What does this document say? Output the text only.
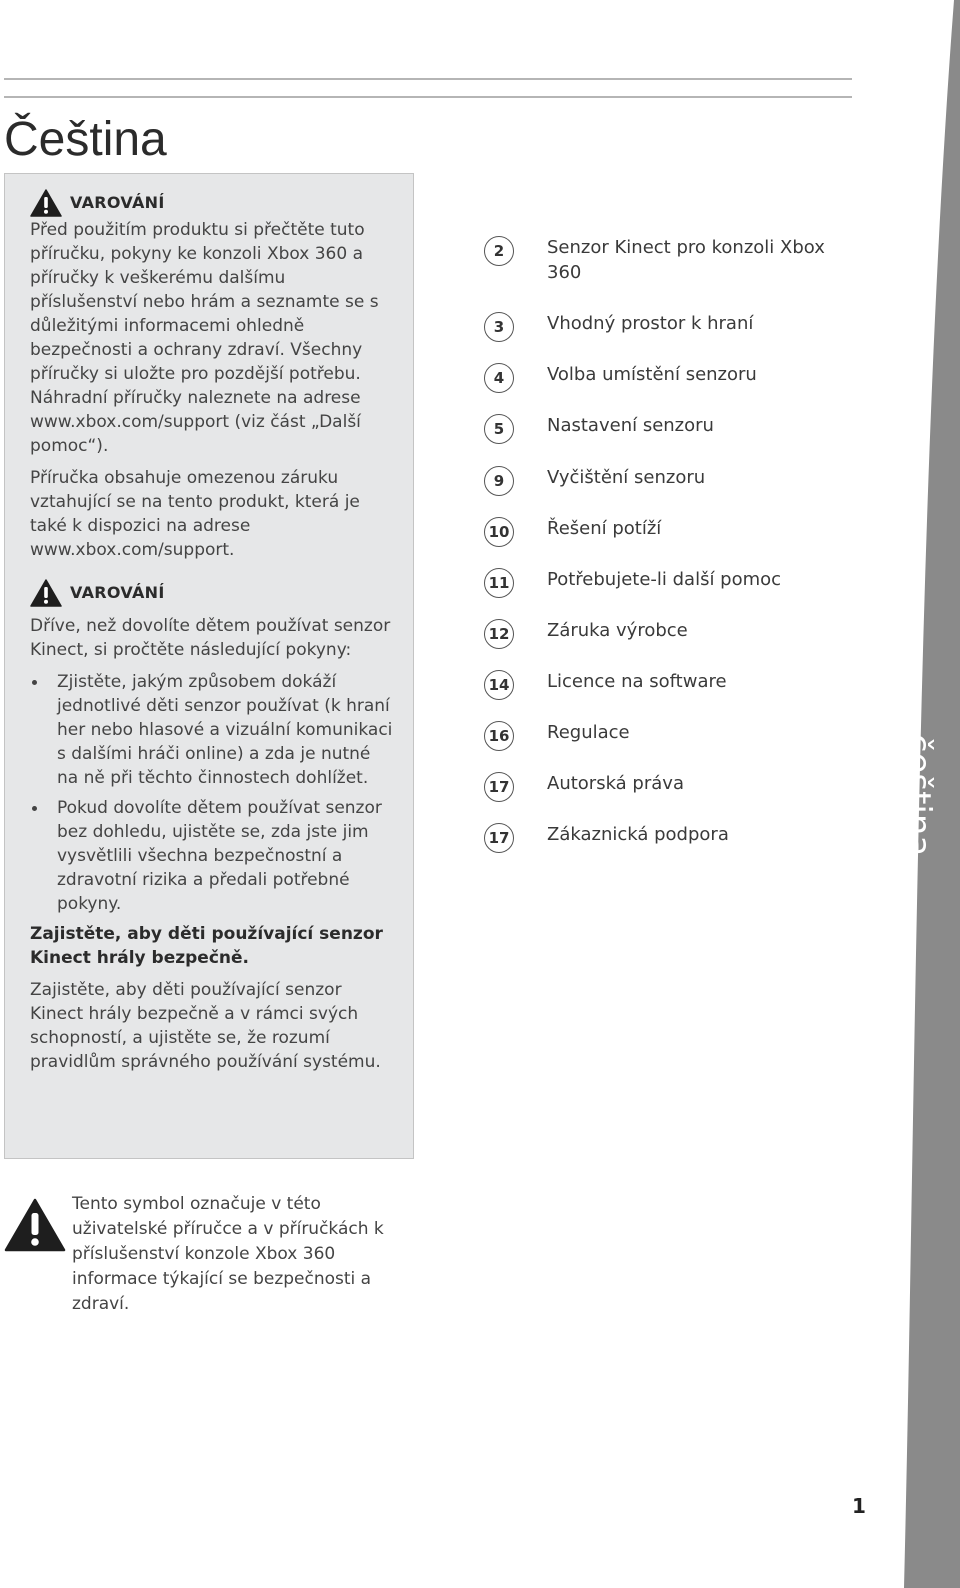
čeština
Čeština
VAROVÁNÍ

Před použitím produktu si přečtěte tuto příručku, pokyny ke konzoli Xbox 360 a příručky k veškerému dalšímu příslušenství nebo hrám a seznamte se s důležitými informacemi ohledně bezpečnosti a ochrany zdraví. Všechny příručky si uložte pro pozdější potřebu. Náhradní příručky naleznete na adrese www.xbox.com/support (viz část „Další pomoc“).

Příručka obsahuje omezenou záruku vztahující se na tento produkt, která je také k dispozici na adrese www.xbox.com/support.

VAROVÁNÍ

Dříve, než dovolíte dětem používat senzor Kinect, si pročtěte následující pokyny:

Zjistěte, jakým způsobem dokáží jednotlivé děti senzor používat (k hraní her nebo hlasové a vizuální komunikaci s dalšími hráči online) a zda je nutné na ně při těchto činnostech dohlížet.
Pokud dovolíte dětem používat senzor bez dohledu, ujistěte se, zda jste jim vysvětlili všechna bezpečnostní a zdravotní rizika a předali potřebné pokyny.

Zajistěte, aby děti používající senzor Kinect hrály bezpečně.

Zajistěte, aby děti používající senzor Kinect hrály bezpečně a v rámci svých schopností, a ujistěte se, že rozumí pravidlům správného používání systému.

Tento symbol označuje v této uživatelské příručce a v příručkách k příslušenství konzole Xbox 360 informace týkající se bezpečnosti a zdraví.
2	Senzor Kinect pro konzoli Xbox 360
3	Vhodný prostor k hraní
4	Volba umístění senzoru
5	Nastavení senzoru
9	Vyčištění senzoru
10 Řešení potíží
11 Potřebujete-li další pomoc
12 Záruka výrobce
14 Licence na software
16 Regulace
17 Autorská práva
17 Zákaznická podpora
1
